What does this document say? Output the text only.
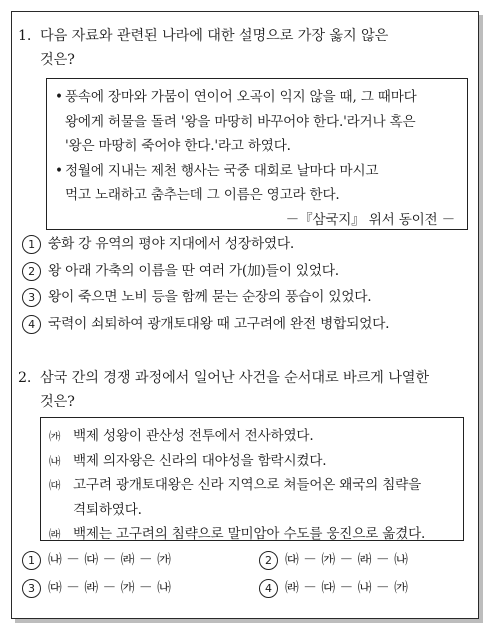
1. 다음 자료와 관련된 나라에 대한 설명으로 가장 옳지 않은
것은?
• 풍속에 장마와 가뭄이 연이어 오곡이 익지 않을 때, 그 때마다
왕에게 허물을 돌려 '왕을 마땅히 바꾸어야 한다.'라거나 혹은
'왕은 마땅히 죽어야 한다.'라고 하였다.
• 정월에 지내는 제천 행사는 국중 대회로 날마다 마시고
먹고 노래하고 춤추는데 그 이름은 영고라 한다.
－『삼국지』 위서 동이전 －
1 쑹화 강 유역의 평야 지대에서 성장하였다.
2 왕 아래 가축의 이름을 딴 여러 가(加)들이 있었다.
3 왕이 죽으면 노비 등을 함께 묻는 순장의 풍습이 있었다.
4 국력이 쇠퇴하여 광개토대왕 때 고구려에 완전 병합되었다.
2. 삼국 간의 경쟁 과정에서 일어난 사건을 순서대로 바르게 나열한
것은?
㈎ 백제 성왕이 관산성 전투에서 전사하였다.
㈏ 백제 의자왕은 신라의 대야성을 함락시켰다.
㈐ 고구려 광개토대왕은 신라 지역으로 쳐들어온 왜국의 침략을
격퇴하였다.
㈑ 백제는 고구려의 침략으로 말미암아 수도를 웅진으로 옮겼다.
1 ㈏ － ㈐ － ㈑ － ㈎	2 ㈐ － ㈎ － ㈑ － ㈏
3 ㈐ － ㈑ － ㈎ － ㈏	4 ㈑ － ㈐ － ㈏ － ㈎
